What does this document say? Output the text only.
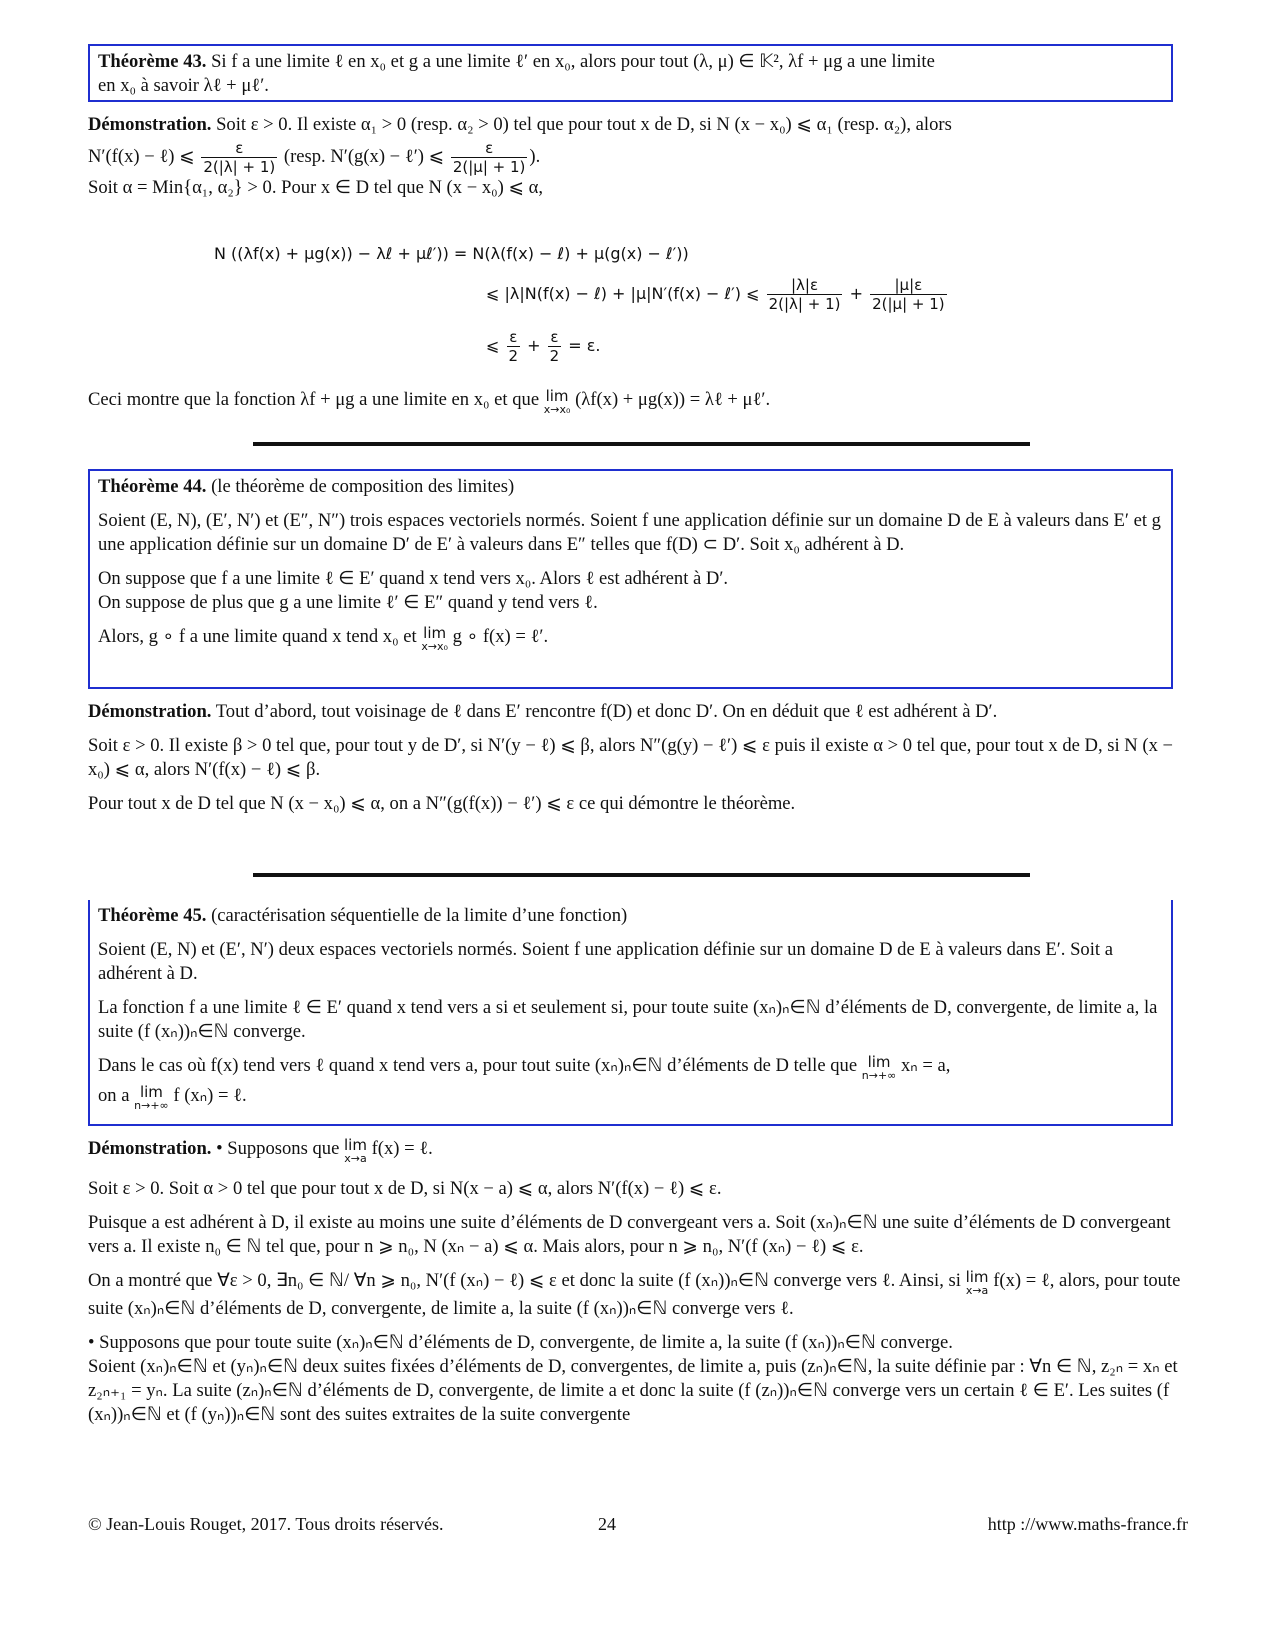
Théorème 43. Si f a une limite ℓ en x₀ et g a une limite ℓ′ en x₀, alors pour tout (λ, μ) ∈ 𝕂², λf + μg a une limite

en x₀ à savoir λℓ + μℓ′.

Démonstration. Soit ε > 0. Il existe α₁ > 0 (resp. α₂ > 0) tel que pour tout x de D, si N (x − x₀) ⩽ α₁ (resp. α₂), alors

N′(f(x) − ℓ) ⩽ $\frac{\varepsilon}{2(|\lambda| + 1)}$ (resp. N′(g(x) − ℓ′) ⩽ $\frac{\varepsilon}{2(|\mu| + 1)}$ ).

Soit α = Min{α₁, α₂} > 0. Pour x ∈ D tel que N (x − x₀) ⩽ α,

N ((λf(x) + μg(x)) − λℓ + μℓ′)) = N(λ(f(x) − ℓ) + μ(g(x) − ℓ′))
⩽ |λ|N(f(x) − ℓ) + |μ|N′(f(x) − ℓ′) ⩽ $\frac{|\lambda|\varepsilon}{2(|\lambda| + 1)} + \frac{|\mu|\varepsilon}{2(|\mu| + 1)}$
⩽ $\frac{\varepsilon}{2} + \frac{\varepsilon}{2} = \varepsilon$.

Ceci montre que la fonction λf + μg a une limite en x₀ et que lim
x→x₀ (λf(x) + μg(x)) = λℓ + μℓ′.

Théorème 44. (le théorème de composition des limites)

Soient (E, N), (E′, N′) et (E″, N″) trois espaces vectoriels normés. Soient f une application définie sur un domaine D de E à valeurs dans E′ et g une application définie sur un domaine D′ de E′ à valeurs dans E″ telles que f(D) ⊂ D′. Soit x₀ adhérent à D.

On suppose que f a une limite ℓ ∈ E′ quand x tend vers x₀. Alors ℓ est adhérent à D′.
On suppose de plus que g a une limite ℓ′ ∈ E″ quand y tend vers ℓ.

Alors, g ∘ f a une limite quand x tend x₀ et lim
x→x₀ g ∘ f(x) = ℓ′.

Démonstration. Tout d’abord, tout voisinage de ℓ dans E′ rencontre f(D) et donc D′. On en déduit que ℓ est adhérent à D′.

Soit ε > 0. Il existe β > 0 tel que, pour tout y de D′, si N′(y − ℓ) ⩽ β, alors N″(g(y) − ℓ′) ⩽ ε puis il existe α > 0 tel que, pour tout x de D, si N (x − x₀) ⩽ α, alors N′(f(x) − ℓ) ⩽ β.

Pour tout x de D tel que N (x − x₀) ⩽ α, on a N″(g(f(x)) − ℓ′) ⩽ ε ce qui démontre le théorème.

Théorème 45. (caractérisation séquentielle de la limite d’une fonction)

Soient (E, N) et (E′, N′) deux espaces vectoriels normés. Soient f une application définie sur un domaine D de E à valeurs dans E′. Soit a adhérent à D.

La fonction f a une limite ℓ ∈ E′ quand x tend vers a si et seulement si, pour toute suite (xₙ)ₙ∈ℕ d’éléments de D, convergente, de limite a, la suite (f (xₙ))ₙ∈ℕ converge.

Dans le cas où f(x) tend vers ℓ quand x tend vers a, pour tout suite (xₙ)ₙ∈ℕ d’éléments de D telle que lim
n→+∞ xₙ = a,

on a lim
n→+∞ f (xₙ) = ℓ.

Démonstration. • Supposons que lim
x→a f(x) = ℓ.

Soit ε > 0. Soit α > 0 tel que pour tout x de D, si N(x − a) ⩽ α, alors N′(f(x) − ℓ) ⩽ ε.

Puisque a est adhérent à D, il existe au moins une suite d’éléments de D convergeant vers a. Soit (xₙ)ₙ∈ℕ une suite d’éléments de D convergeant vers a. Il existe n₀ ∈ ℕ tel que, pour n ⩾ n₀, N (xₙ − a) ⩽ α. Mais alors, pour n ⩾ n₀, N′(f (xₙ) − ℓ) ⩽ ε.

On a montré que ∀ε > 0, ∃n₀ ∈ ℕ/ ∀n ⩾ n₀, N′(f (xₙ) − ℓ) ⩽ ε et donc la suite (f (xₙ))ₙ∈ℕ converge vers ℓ. Ainsi, si lim
x→a f(x) = ℓ, alors, pour toute suite (xₙ)ₙ∈ℕ d’éléments de D, convergente, de limite a, la suite (f (xₙ))ₙ∈ℕ converge vers ℓ.

• Supposons que pour toute suite (xₙ)ₙ∈ℕ d’éléments de D, convergente, de limite a, la suite (f (xₙ))ₙ∈ℕ converge.

Soient (xₙ)ₙ∈ℕ et (yₙ)ₙ∈ℕ deux suites fixées d’éléments de D, convergentes, de limite a, puis (zₙ)ₙ∈ℕ, la suite définie par : ∀n ∈ ℕ, z₂ₙ = xₙ et z₂ₙ₊₁ = yₙ. La suite (zₙ)ₙ∈ℕ d’éléments de D, convergente, de limite a et donc la suite (f (zₙ))ₙ∈ℕ converge vers un certain ℓ ∈ E′. Les suites (f (xₙ))ₙ∈ℕ et (f (yₙ))ₙ∈ℕ sont des suites extraites de la suite convergente

© Jean-Louis Rouget, 2017. Tous droits réservés.	24	http ://www.maths-france.fr
